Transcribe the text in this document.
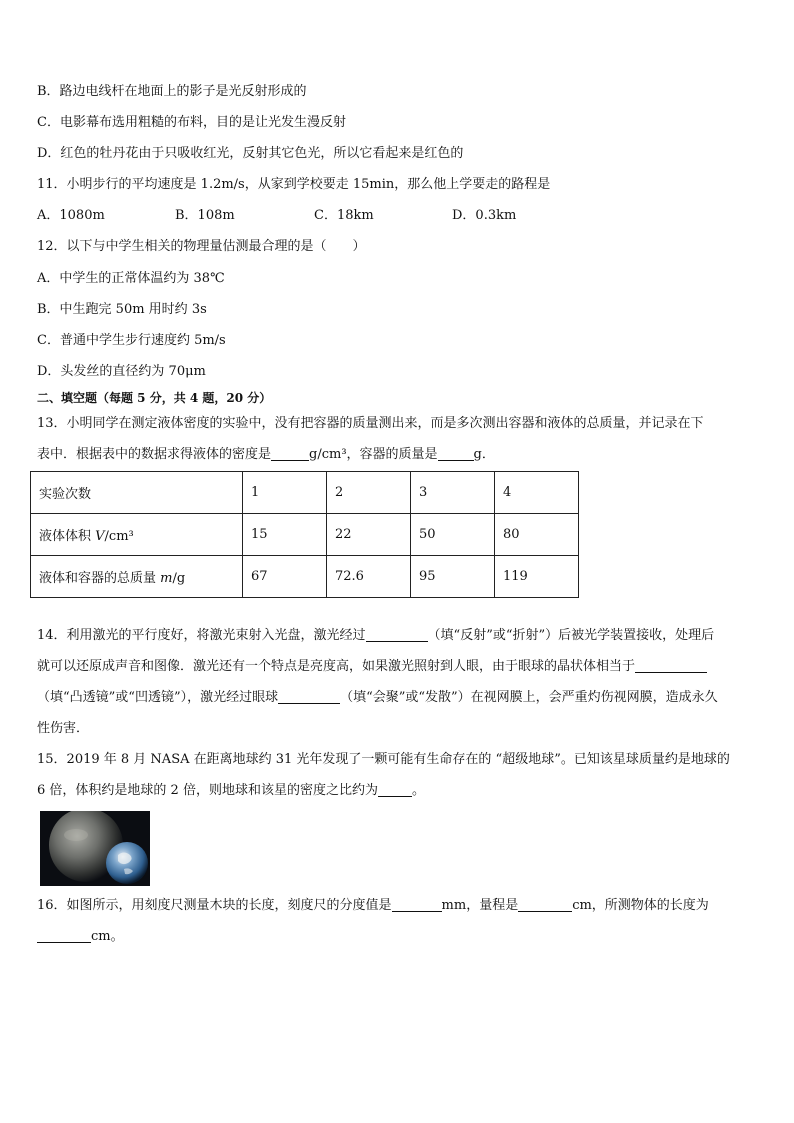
B．路边电线杆在地面上的影子是光反射形成的
C．电影幕布选用粗糙的布料，目的是让光发生漫反射
D．红色的牡丹花由于只吸收红光，反射其它色光，所以它看起来是红色的
11．小明步行的平均速度是 1.2m/s，从家到学校要走 15min，那么他上学要走的路程是
A．1080m	B．108m	C．18km	D．0.3km
12．以下与中学生相关的物理量估测最合理的是（　　）
A．中学生的正常体温约为 38℃
B．中生跑完 50m 用时约 3s
C．普通中学生步行速度约 5m/s
D．头发丝的直径约为 70μm
二、填空题（每题 5 分，共 4 题，20 分）
13．小明同学在测定液体密度的实验中，没有把容器的质量测出来，而是多次测出容器和液体的总质量，并记录在下
表中．根据表中的数据求得液体的密度是	g/cm³，容器的质量是	g．
实验次数	1	2	3	4
液体体积 V/cm³	15	22	50	80
液体和容器的总质量 m/g	67	72.6	95	119
14．利用激光的平行度好，将激光束射入光盘，激光经过	（填“反射”或“折射”）后被光学装置接收，处理后
就可以还原成声音和图像．激光还有一个特点是亮度高，如果激光照射到人眼，由于眼球的晶状体相当于
（填“凸透镜”或“凹透镜”），激光经过眼球	（填“会聚”或“发散”）在视网膜上，会严重灼伤视网膜，造成永久
性伤害．
15．2019 年 8 月 NASA 在距离地球约 31 光年发现了一颗可能有生命存在的 “超级地球”。已知该星球质量约是地球的
6 倍，体积约是地球的 2 倍，则地球和该星的密度之比约为	。
16．如图所示，用刻度尺测量木块的长度，刻度尺的分度值是	mm，量程是	cm，所测物体的长度为
cm。
